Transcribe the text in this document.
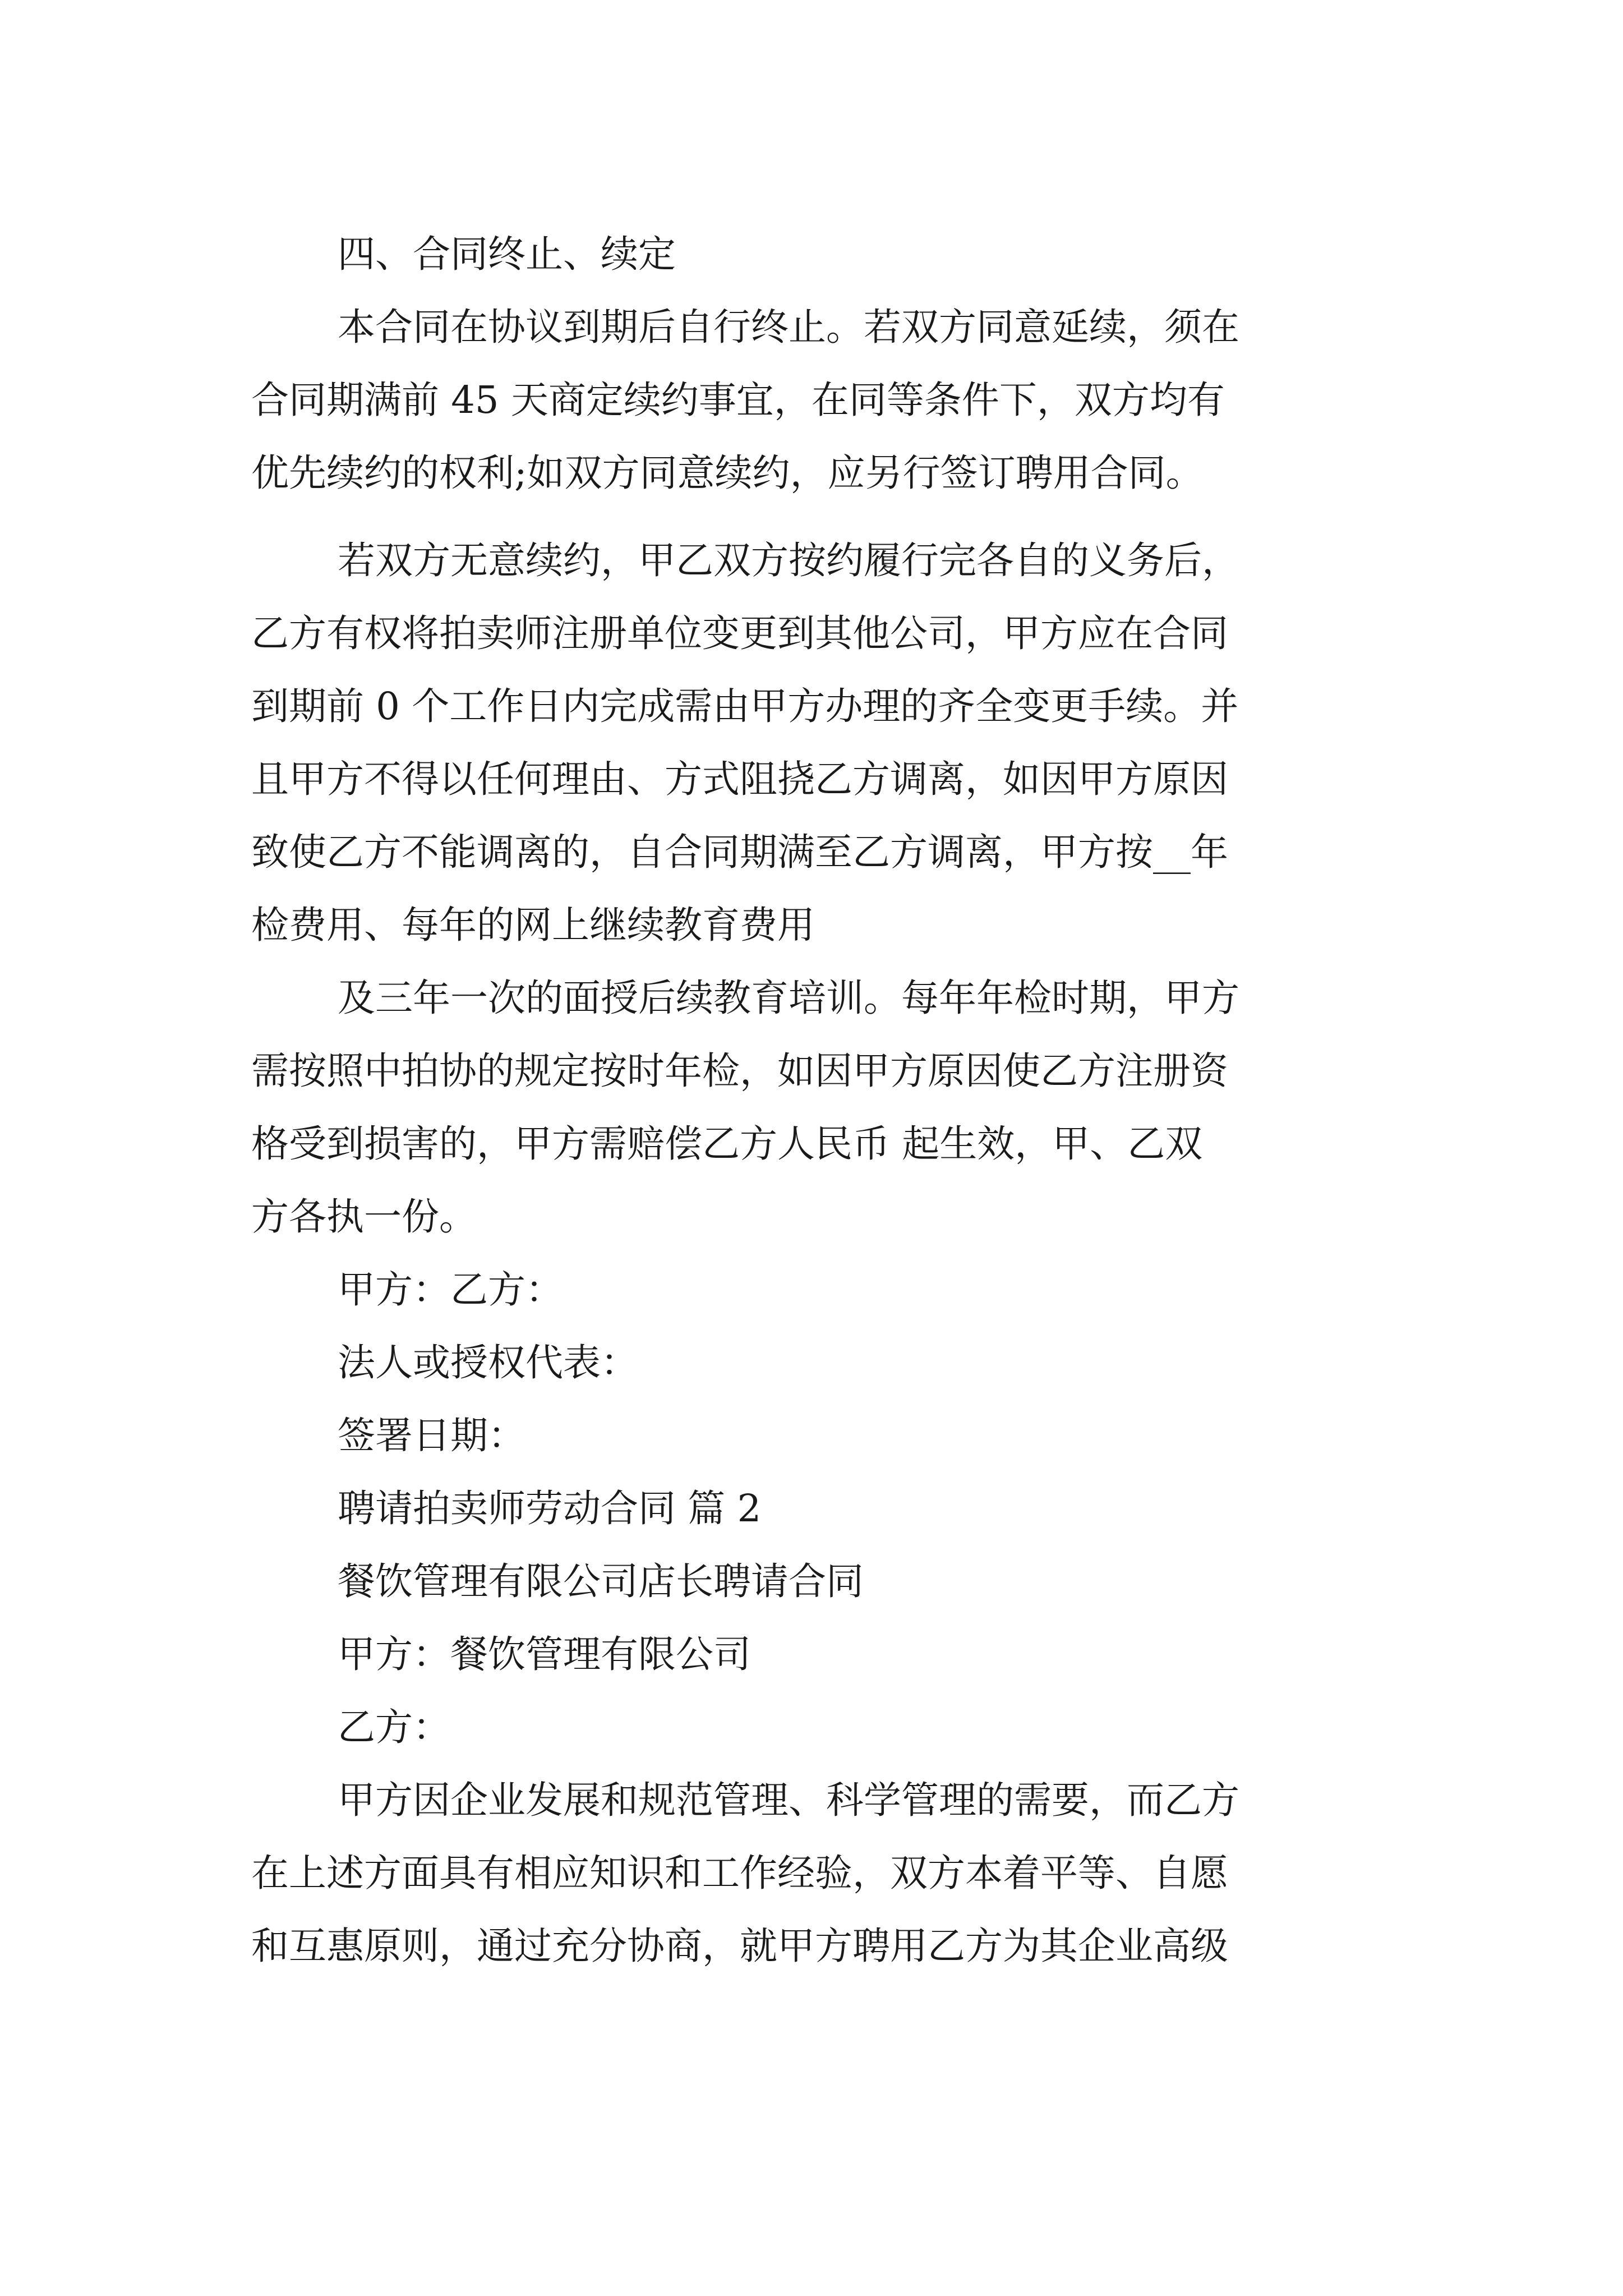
四、合同终止、续定
本合同在协议到期后自行终止。若双方同意延续，须在
合同期满前 45 天商定续约事宜，在同等条件下，双方均有
优先续约的权利;如双方同意续约，应另行签订聘用合同。
若双方无意续约，甲乙双方按约履行完各自的义务后，
乙方有权将拍卖师注册单位变更到其他公司，甲方应在合同
到期前 0 个工作日内完成需由甲方办理的齐全变更手续。并
且甲方不得以任何理由、方式阻挠乙方调离，如因甲方原因
致使乙方不能调离的，自合同期满至乙方调离，甲方按__年
检费用、每年的网上继续教育费用
及三年一次的面授后续教育培训。每年年检时期，甲方
需按照中拍协的规定按时年检，如因甲方原因使乙方注册资
格受到损害的，甲方需赔偿乙方人民币 起生效，甲、乙双
方各执一份。
甲方：乙方：
法人或授权代表：
签署日期：
聘请拍卖师劳动合同 篇 2
餐饮管理有限公司店长聘请合同
甲方：餐饮管理有限公司
乙方：
甲方因企业发展和规范管理、科学管理的需要，而乙方
在上述方面具有相应知识和工作经验，双方本着平等、自愿
和互惠原则，通过充分协商，就甲方聘用乙方为其企业高级
